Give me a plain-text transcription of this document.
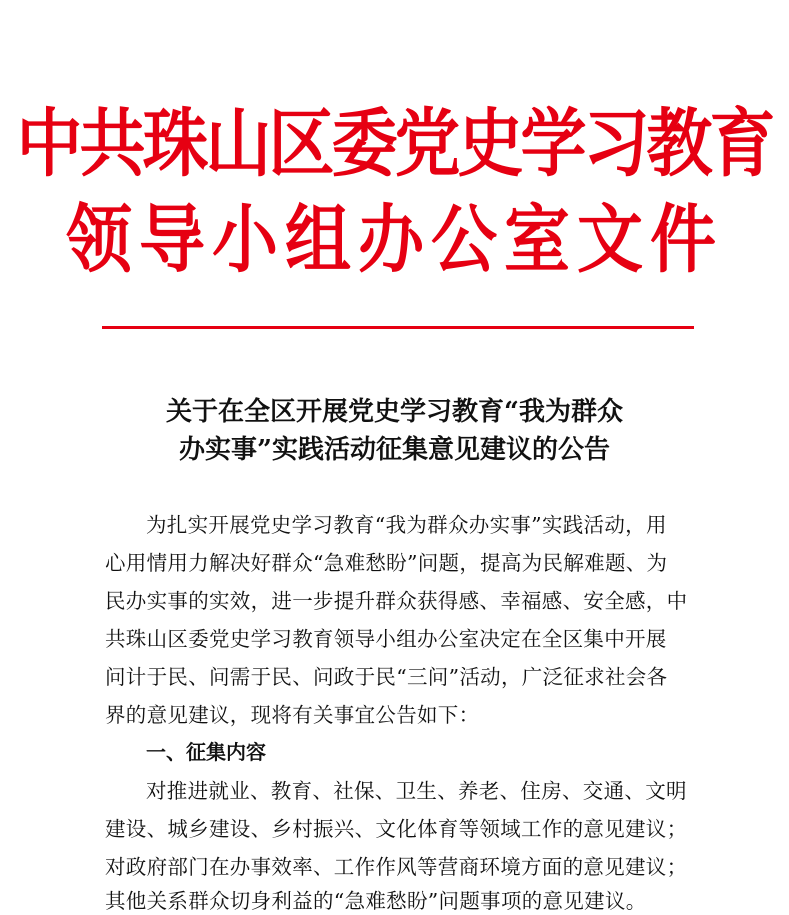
中共珠山区委党史学习教育
领导小组办公室文件
关于在全区开展党史学习教育“我为群众
办实事”实践活动征集意见建议的公告
为扎实开展党史学习教育“我为群众办实事”实践活动，用
心用情用力解决好群众“急难愁盼”问题，提高为民解难题、为
民办实事的实效，进一步提升群众获得感、幸福感、安全感，中
共珠山区委党史学习教育领导小组办公室决定在全区集中开展
问计于民、问需于民、问政于民“三问”活动，广泛征求社会各
界的意见建议，现将有关事宜公告如下：
一、征集内容
对推进就业、教育、社保、卫生、养老、住房、交通、文明
建设、城乡建设、乡村振兴、文化体育等领域工作的意见建议；
对政府部门在办事效率、工作作风等营商环境方面的意见建议；
其他关系群众切身利益的“急难愁盼”问题事项的意见建议。
